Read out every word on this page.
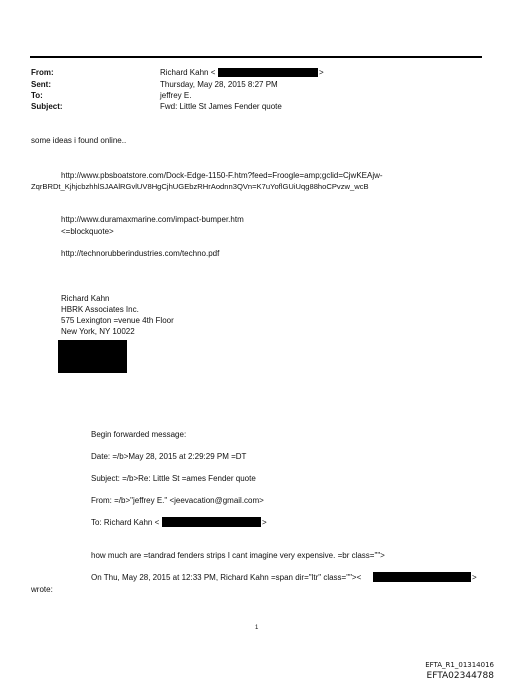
From:	Richard Kahn <	>
Sent:	Thursday, May 28, 2015 8:27 PM
To:	jeffrey E.
Subject:	Fwd: Little St James Fender quote
some ideas i found online..
http://www.pbsboatstore.com/Dock-Edge-1150-F.htm?feed=Froogle=amp;gclid=CjwKEAjw-
ZqrBRDt_KjhjcbzhhlSJAAlRGvlUV8HgCjhUGEbzRHrAodnn3QVn=K7uYoflGUiUqg88hoCPvzw_wcB
http://www.duramaxmarine.com/impact-bumper.htm
<=blockquote>
http://technorubberindustries.com/techno.pdf
Richard Kahn
HBRK Associates Inc.
575 Lexington =venue 4th Floor
New York, NY 10022
Begin forwarded message:
Date: =/b>May 28, 2015 at 2:29:29 PM =DT
Subject: =/b>Re: Little St =ames Fender quote
From: =/b>"jeffrey E." <jeevacation@gmail.com>
To: Richard Kahn <	>
how much are =tandrad fenders strips I cant imagine very expensive. =br class="">
On Thu, May 28, 2015 at 12:33 PM, Richard Kahn =span dir="ltr" class=""><	>
wrote:
1
EFTA_R1_01314016
EFTA02344788
